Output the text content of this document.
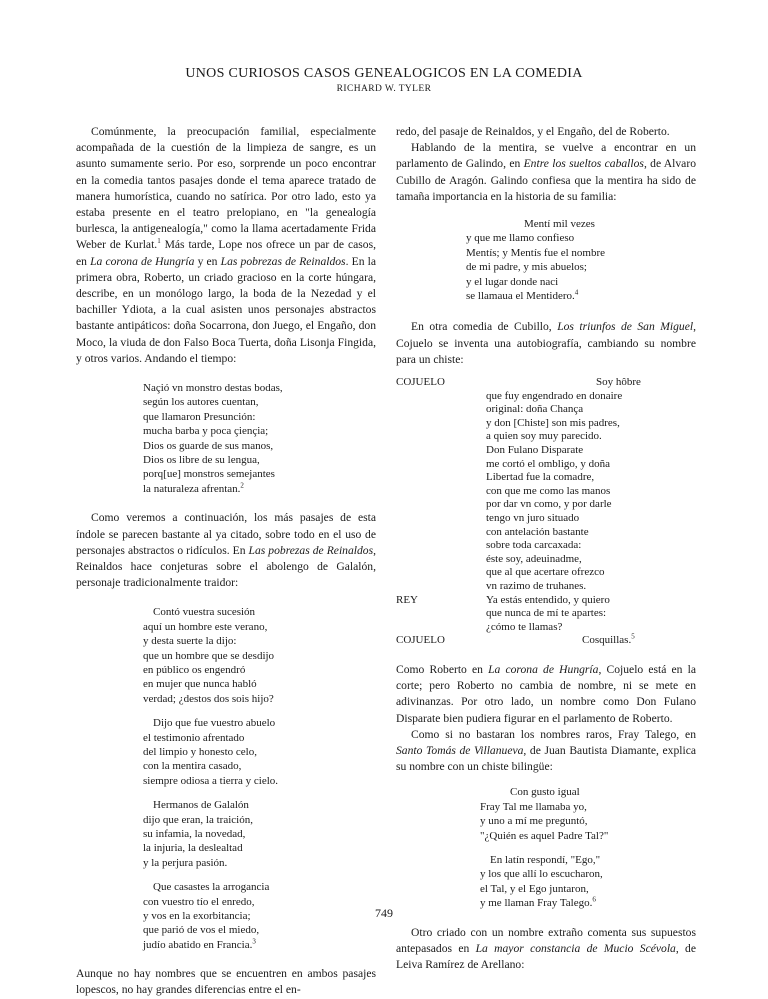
UNOS CURIOSOS CASOS GENEALOGICOS EN LA COMEDIA
RICHARD W. TYLER

Comúnmente, la preocupación familial, especialmente acompañada de la cuestión de la limpieza de sangre, es un asunto sumamente serio. Por eso, sorprende un poco encontrar en la comedia tantos pasajes donde el tema aparece tratado de manera humorística, cuando no satírica. Por otro lado, esto ya estaba presente en el teatro prelopiano, en "la genealogía burlesca, la antigenealogía," como la llama acertadamente Frida Weber de Kurlat.$^1$ Más tarde, Lope nos ofrece un par de casos, en La corona de Hungría y en Las pobrezas de Reinaldos. En la primera obra, Roberto, un criado gracioso en la corte húngara, describe, en un monólogo largo, la boda de la Nezedad y el bachiller Ydiota, a la cual asisten unos personajes abstractos bastante antipáticos: doña Socarrona, don Juego, el Engaño, don Moco, la viuda de don Falso Boca Tuerta, doña Lisonja Fingida, y otros varios. Andando el tiempo:

Naçió vn monstro destas bodas,
según los autores cuentan,
que llamaron Presunción:
mucha barba y poca çiençia;
Dios os guarde de sus manos,
Dios os libre de su lengua,
porq[ue] monstros semejantes
la naturaleza afrentan.$^2$

Como veremos a continuación, los más pasajes de esta índole se parecen bastante al ya citado, sobre todo en el uso de personajes abstractos o ridículos. En Las pobrezas de Reinaldos, Reinaldos hace conjeturas sobre el abolengo de Galalón, personaje tradicionalmente traidor:

Contó vuestra sucesión
aquí un hombre este verano,
y desta suerte la dijo:
que un hombre que se desdijo
en público os engendró
en mujer que nunca habló
verdad; ¿destos dos sois hijo?
Dijo que fue vuestro abuelo
el testimonio afrentado
del limpio y honesto celo,
con la mentira casado,
siempre odiosa a tierra y cielo.
Hermanos de Galalón
dijo que eran, la traición,
su infamia, la novedad,
la injuria, la deslealtad
y la perjura pasión.
Que casastes la arrogancia
con vuestro tío el enredo,
y vos en la exorbitancia;
que parió de vos el miedo,
judío abatido en Francia.$^3$

Aunque no hay nombres que se encuentren en ambos pasajes lopescos, no hay grandes diferencias entre el en-

redo, del pasaje de Reinaldos, y el Engaño, del de Roberto.

Hablando de la mentira, se vuelve a encontrar en un parlamento de Galindo, en Entre los sueltos caballos, de Alvaro Cubillo de Aragón. Galindo confiesa que la mentira ha sido de tamaña importancia en la historia de su familia:

Mentí mil vezes
y que me llamo confieso
Mentís; y Mentís fue el nombre
de mi padre, y mis abuelos;
y el lugar donde naci
se llamaua el Mentidero.$^4$

En otra comedia de Cubillo, Los triunfos de San Miguel, Cojuelo se inventa una autobiografía, cambiando su nombre para un chiste:

COJUELO	Soy hôbre
que fuy engendrado en donaire
original: doña Chança
y don [Chiste] son mis padres,
a quien soy muy parecido.
Don Fulano Disparate
me cortó el ombligo, y doña
Libertad fue la comadre,
con que me como las manos
por dar vn como, y por darle
tengo vn juro situado
con antelación bastante
sobre toda carcaxada:
éste soy, adeuinadme,
que al que acertare ofrezco
vn razimo de truhanes.
REY	Ya estás entendido, y quiero
que nunca de mí te apartes:
¿cómo te llamas?
COJUELO	Cosquillas.$^5$

Como Roberto en La corona de Hungría, Cojuelo está en la corte; pero Roberto no cambia de nombre, ni se mete en adivinanzas. Por otro lado, un nombre como Don Fulano Disparate bien pudiera figurar en el parlamento de Roberto.

Como si no bastaran los nombres raros, Fray Talego, en Santo Tomás de Villanueva, de Juan Bautista Diamante, explica su nombre con un chiste bilingüe:

Con gusto igual
Fray Tal me llamaba yo,
y uno a mí me preguntó,
"¿Quién es aquel Padre Tal?"
En latín respondí, "Ego,"
y los que allí lo escucharon,
el Tal, y el Ego juntaron,
y me llaman Fray Talego.$^6$

Otro criado con un nombre extraño comenta sus supuestos antepasados en La mayor constancia de Mucio Scévola, de Leiva Ramírez de Arellano:

749
